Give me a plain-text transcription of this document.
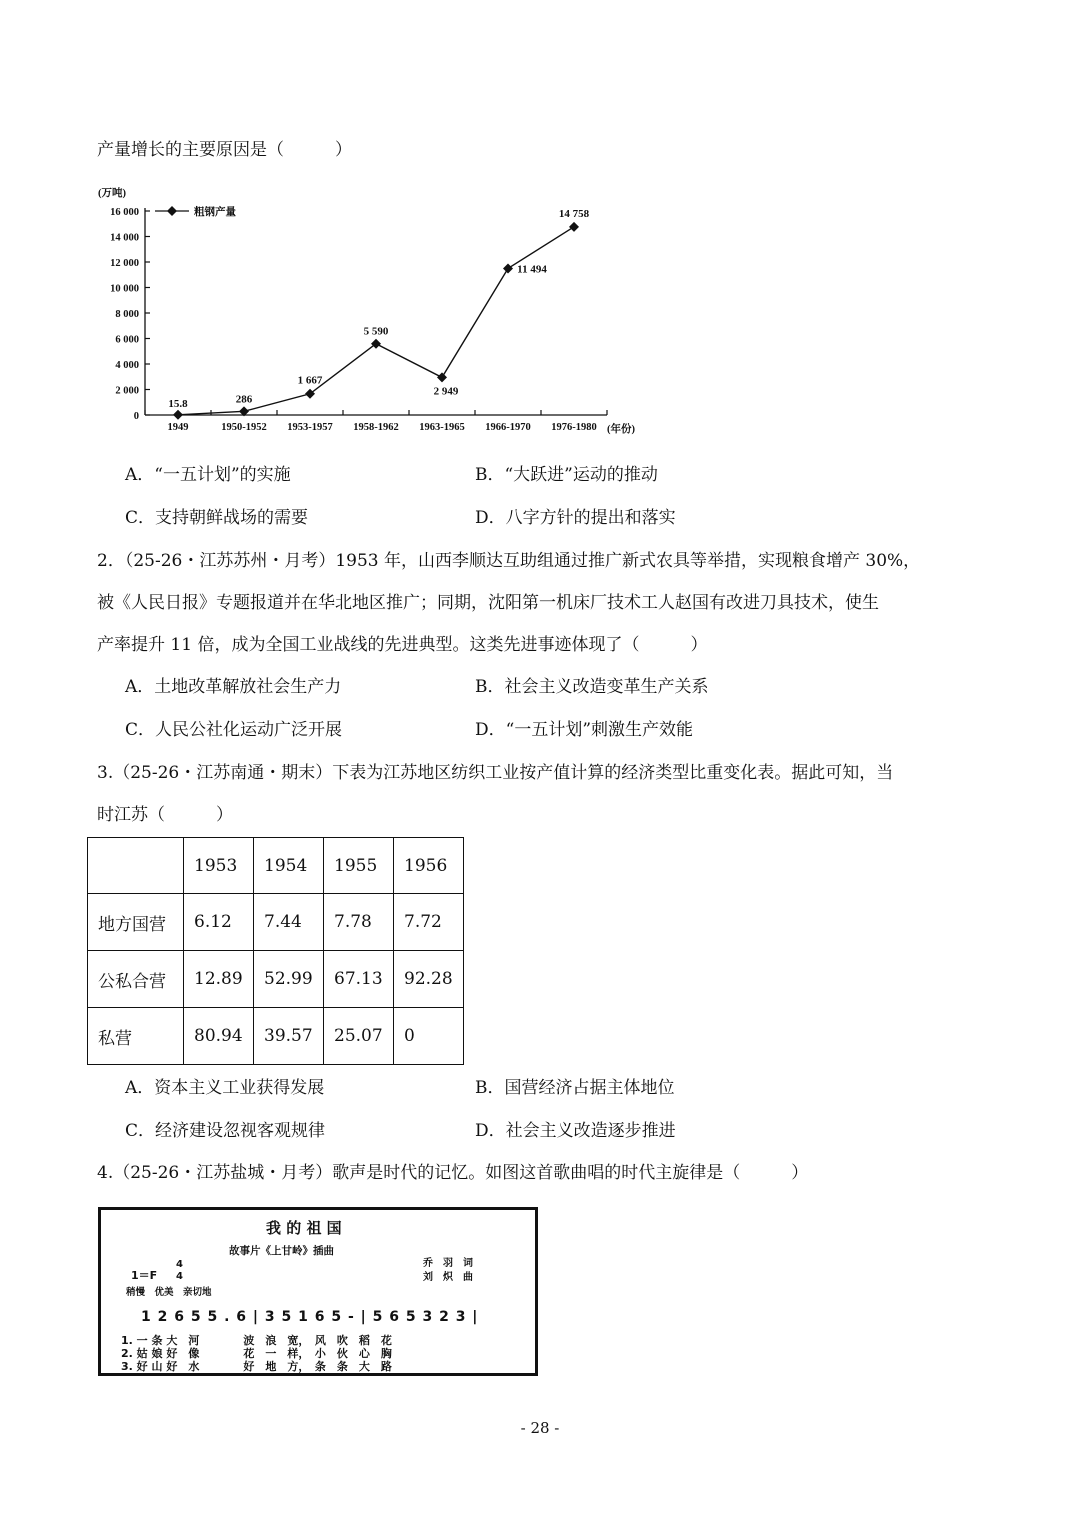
产量增长的主要原因是（　　　）
0
2 000
4 000
6 000
8 000
10 000
12 000
14 000
16 000
1949	1950-1952 1953-1957 1958-1962 1963-1965 1966-1970 1976-1980
15.8	286
1 667
5 590
2 949
11 494
14 758
(万吨)
(年份)
粗钢产量
A．“一五计划”的实施	B．“大跃进”运动的推动
C．支持朝鲜战场的需要	D．八字方针的提出和落实
2．（25-26・江苏苏州・月考）1953 年，山西李顺达互助组通过推广新式农具等举措，实现粮食增产 30%，
被《人民日报》专题报道并在华北地区推广；同期，沈阳第一机床厂技术工人赵国有改进刀具技术，使生
产率提升 11 倍，成为全国工业战线的先进典型。这类先进事迹体现了（　　　）
A．土地改革解放社会生产力	B．社会主义改造变革生产关系
C．人民公社化运动广泛开展	D．“一五计划”刺激生产效能
3.（25-26・江苏南通・期末）下表为江苏地区纺织工业按产值计算的经济类型比重变化表。据此可知，当
时江苏（　　　）
	1953	1954	1955	1956
地方国营	6.12	7.44	7.78	7.72
公私合营	12.89	52.99	67.13	92.28
私营	80.94	39.57	25.07	0
A．资本主义工业获得发展	B．国营经济占据主体地位
C．经济建设忽视客观规律	D．社会主义改造逐步推进
4.（25-26・江苏盐城・月考）歌声是时代的记忆。如图这首歌曲唱的时代主旋律是（　　　）
我 的 祖 国
故事片《上甘岭》插曲
乔　羽　词
刘　炽　曲
1＝F
4
4
稍慢　优美　亲切地
1 2 6 5 5 . 6 | 3 5 1 6 5 - | 5 6 5 3 2 3 |
1. 一 条 大　河　　　　波　浪　宽，　风　吹　稻　花
2. 姑 娘 好　像　　　　花　一　样，　小　伙　心　胸
3. 好 山 好　水　　　　好　地　方，　条　条　大　路
- 28 -
